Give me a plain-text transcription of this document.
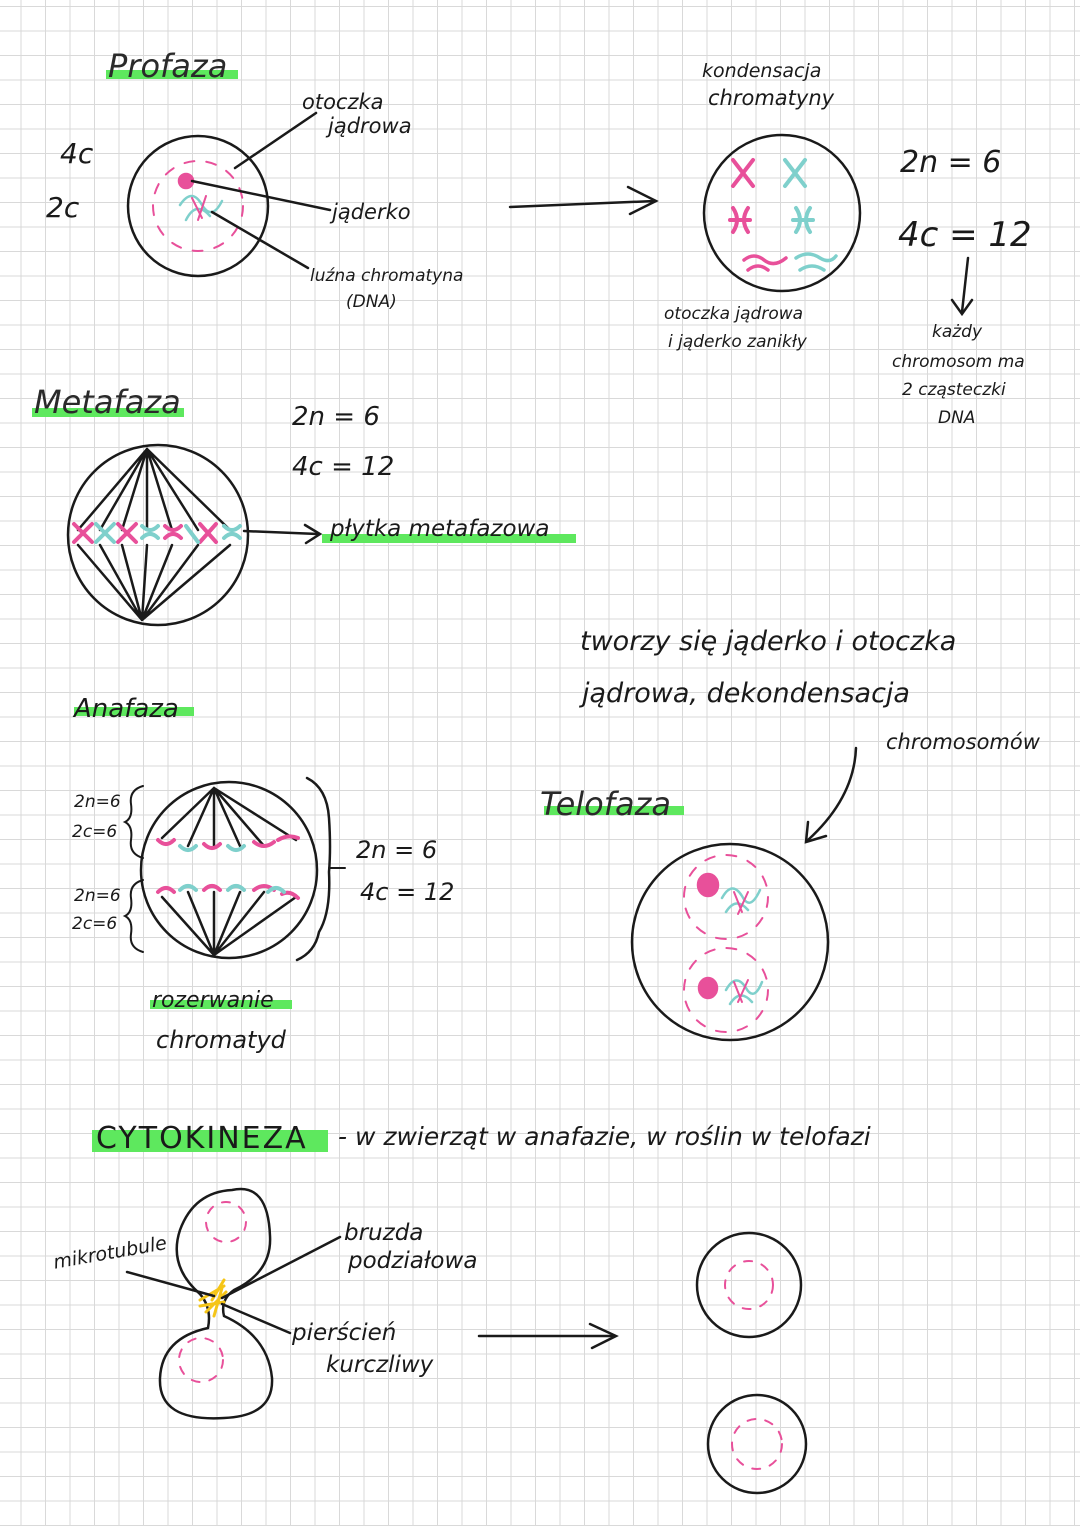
Profaza

4c

2c

otoczka

jądrowa

jąderko

luźna chromatyna

(DNA)

kondensacja

chromatyny

otoczka jądrowa

i jąderko zanikły

2n = 6

4c = 12

każdy

chromosom ma

2 cząsteczki

DNA

Metafaza	2n = 6

4c = 12

płytka metafazowa

Anafaza

2n=6

2c=6

2n=6

2c=6

2n = 6

4c = 12

rozerwanie

chromatyd

tworzy się jąderko i otoczka

jądrowa, dekondensacja

chromosomów

Telofaza

CYTOKINEZA - w zwierząt w anafazie, w roślin w telofazi

mikrotubule	bruzda

podziałowa

pierścień

kurczliwy
